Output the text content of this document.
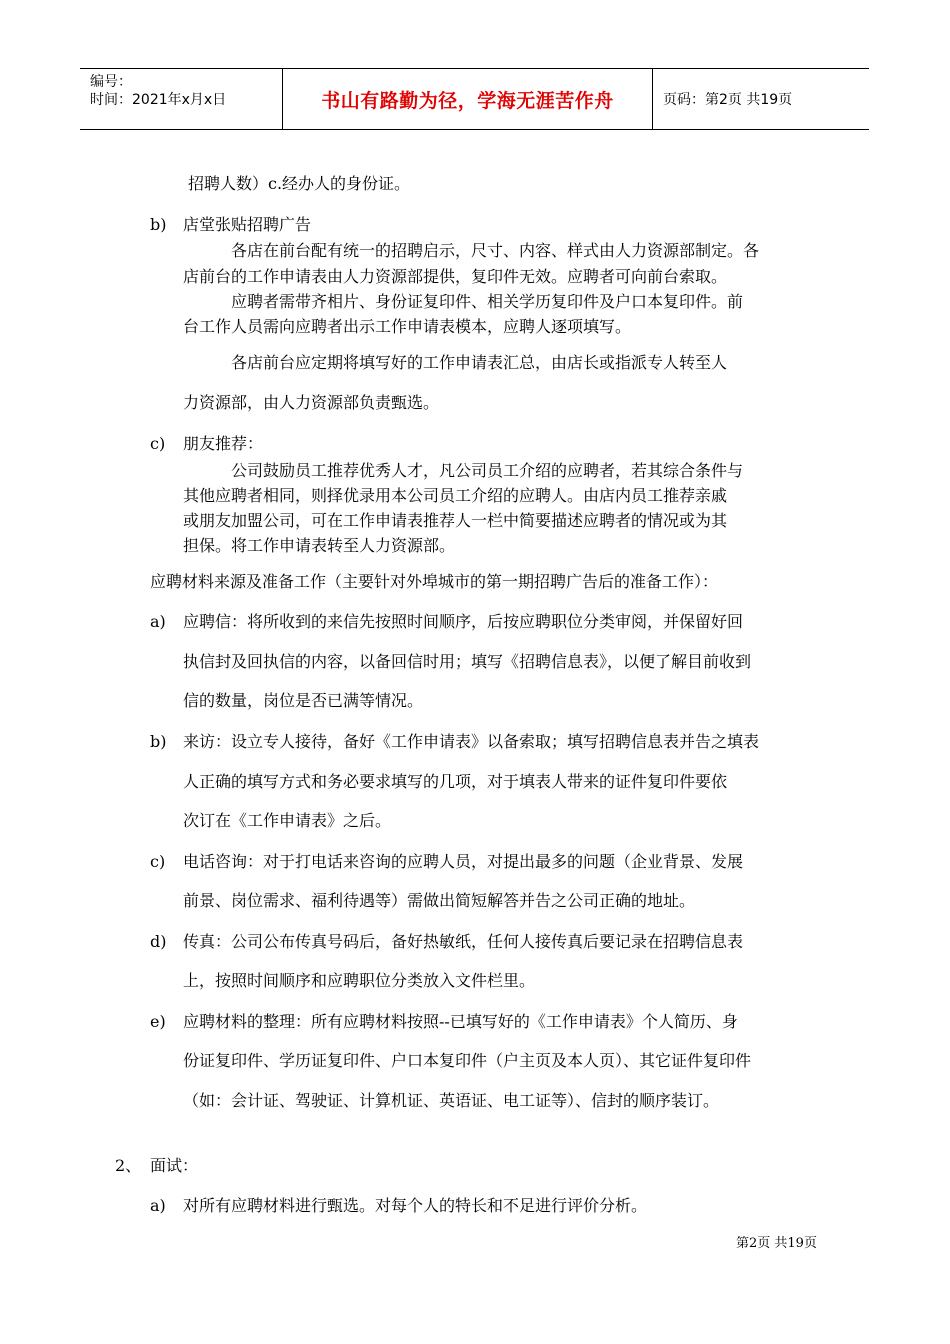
编号：
时间：2021年x月x日	书山有路勤为径，学海无涯苦作舟	页码：第2页 共19页
招聘人数）c.经办人的身份证。
b) 店堂张贴招聘广告
各店在前台配有统一的招聘启示，尺寸、内容、样式由人力资源部制定。各
店前台的工作申请表由人力资源部提供，复印件无效。应聘者可向前台索取。
应聘者需带齐相片、身份证复印件、相关学历复印件及户口本复印件。前
台工作人员需向应聘者出示工作申请表模本，应聘人逐项填写。
各店前台应定期将填写好的工作申请表汇总，由店长或指派专人转至人
力资源部，由人力资源部负责甄选。
c) 朋友推荐：
公司鼓励员工推荐优秀人才，凡公司员工介绍的应聘者，若其综合条件与
其他应聘者相同，则择优录用本公司员工介绍的应聘人。由店内员工推荐亲戚
或朋友加盟公司，可在工作申请表推荐人一栏中简要描述应聘者的情况或为其
担保。将工作申请表转至人力资源部。
应聘材料来源及准备工作（主要针对外埠城市的第一期招聘广告后的准备工作）：
a) 应聘信：将所收到的来信先按照时间顺序，后按应聘职位分类审阅，并保留好回
执信封及回执信的内容，以备回信时用；填写《招聘信息表》，以便了解目前收到
信的数量，岗位是否已满等情况。
b) 来访：设立专人接待，备好《工作申请表》以备索取；填写招聘信息表并告之填表
人正确的填写方式和务必要求填写的几项，对于填表人带来的证件复印件要依
次订在《工作申请表》之后。
c) 电话咨询：对于打电话来咨询的应聘人员，对提出最多的问题（企业背景、发展
前景、岗位需求、福利待遇等）需做出简短解答并告之公司正确的地址。
d) 传真：公司公布传真号码后，备好热敏纸，任何人接传真后要记录在招聘信息表
上，按照时间顺序和应聘职位分类放入文件栏里。
e) 应聘材料的整理：所有应聘材料按照--已填写好的《工作申请表》个人简历、身
份证复印件、学历证复印件、户口本复印件（户主页及本人页）、其它证件复印件
（如：会计证、驾驶证、计算机证、英语证、电工证等）、信封的顺序装订。
2、 面试：
a) 对所有应聘材料进行甄选。对每个人的特长和不足进行评价分析。
第2页 共19页
